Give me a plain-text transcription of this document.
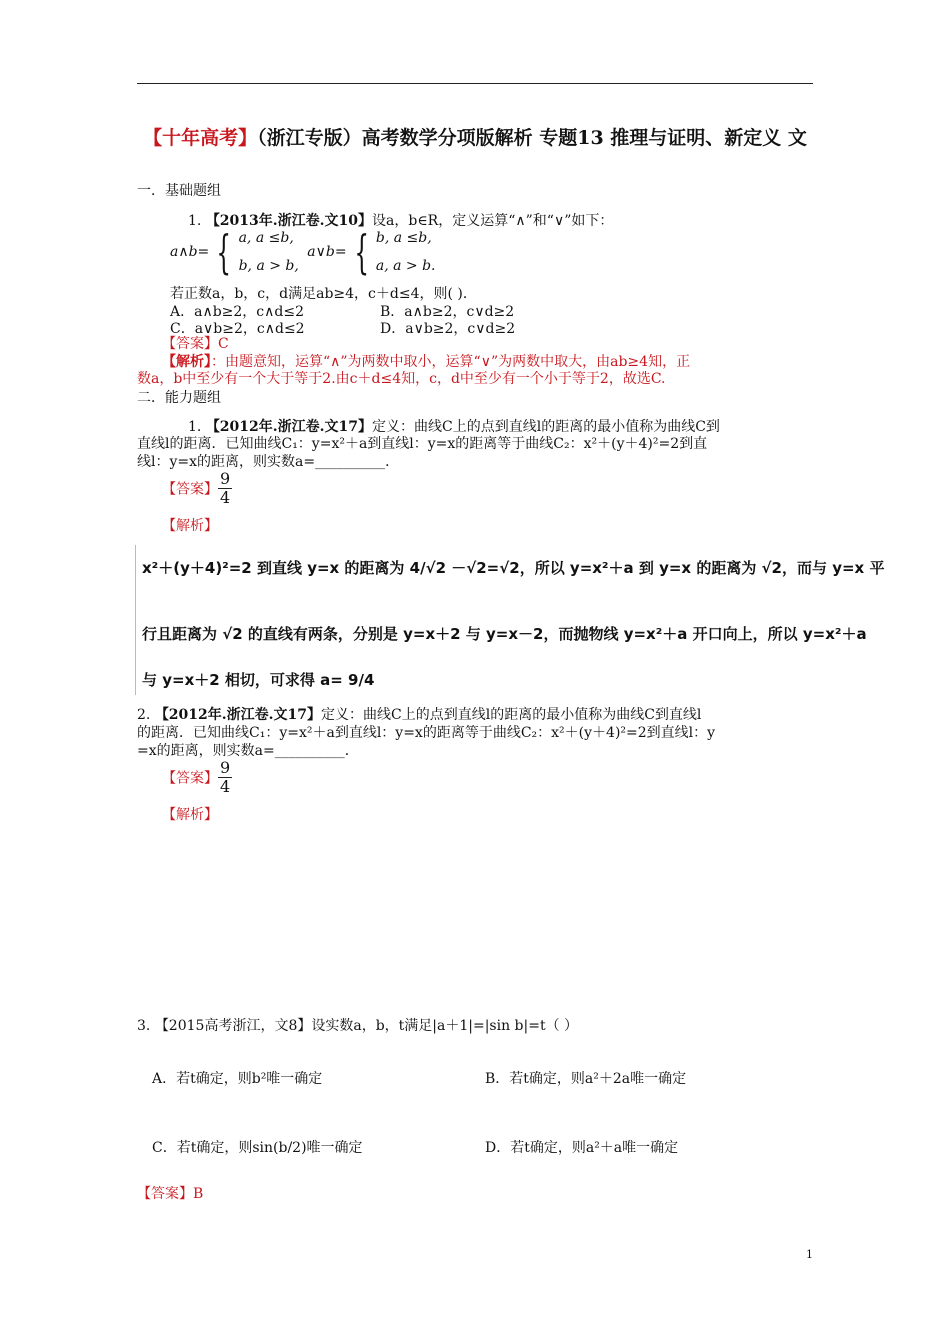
【十年高考】（浙江专版）高考数学分项版解析 专题13 推理与证明、新定义 文
一．基础题组
1. 【2013年.浙江卷.文10】设a，b∈R，定义运算“∧”和“∨”如下：
a∧b= { a, a ≤b,
b, a > b,
a∨b= { b, a ≤b,
a, a > b.
若正数a，b，c，d满足ab≥4，c＋d≤4，则( )．
A．a∧b≥2，c∧d≤2	B．a∧b≥2，c∨d≥2
C．a∨b≥2，c∧d≤2	D．a∨b≥2，c∨d≥2
【答案】C
【解析】：由题意知，运算“∧”为两数中取小，运算“∨”为两数中取大，由ab≥4知，正
数a，b中至少有一个大于等于2.由c＋d≤4知，c，d中至少有一个小于等于2，故选C.
二．能力题组
1. 【2012年.浙江卷.文17】定义：曲线C上的点到直线l的距离的最小值称为曲线C到
直线l的距离．已知曲线C₁：y=x²＋a到直线l：y=x的距离等于曲线C₂：x²＋(y＋4)²=2到直
线l：y=x的距离，则实数a=__________．
【答案】 $\frac{9}{4}$
【解析】
x²＋(y＋4)²=2 到直线 y=x 的距离为 4/√2 －√2=√2，所以 y=x²＋a 到 y=x 的距离为 √2，而与 y=x 平
行且距离为 √2 的直线有两条，分别是 y=x＋2 与 y=x－2，而抛物线 y=x²＋a 开口向上，所以 y=x²＋a
与 y=x＋2 相切，可求得 a= 9/4
2. 【2012年.浙江卷.文17】定义：曲线C上的点到直线l的距离的最小值称为曲线C到直线l
的距离．已知曲线C₁：y=x²＋a到直线l：y=x的距离等于曲线C₂：x²＋(y＋4)²=2到直线l：y
=x的距离，则实数a=__________．
【答案】 $\frac{9}{4}$
【解析】
3. 【2015高考浙江，文8】设实数a，b，t满足|a＋1|=|sin b|=t（ ）
A．若t确定，则b²唯一确定	B．若t确定，则a²＋2a唯一确定
C．若t确定，则sin(b/2)唯一确定	D．若t确定，则a²＋a唯一确定
【答案】B
1
